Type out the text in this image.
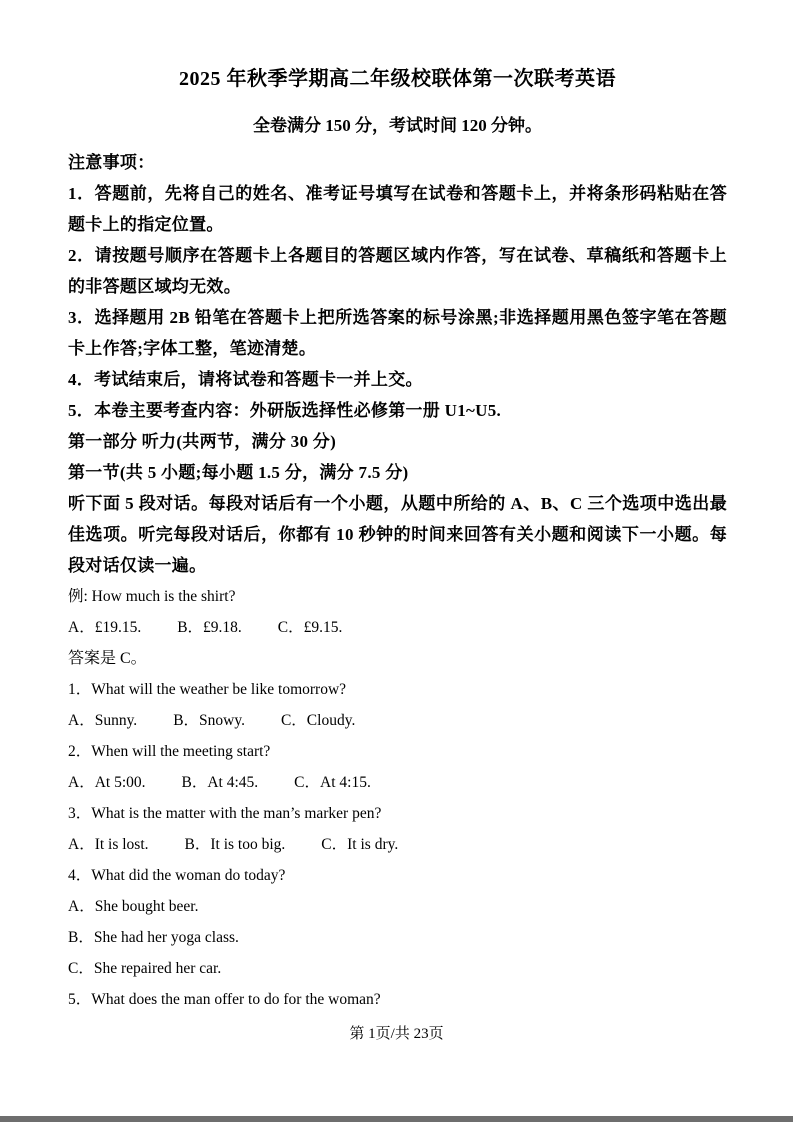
2025 年秋季学期高二年级校联体第一次联考英语
全卷满分 150 分，考试时间 120 分钟。
注意事项：

1．答题前，先将自己的姓名、准考证号填写在试卷和答题卡上，并将条形码粘贴在答题卡上的指定位置。

2．请按题号顺序在答题卡上各题目的答题区域内作答，写在试卷、草稿纸和答题卡上的非答题区域均无效。

3．选择题用 2B 铅笔在答题卡上把所选答案的标号涂黑;非选择题用黑色签字笔在答题卡上作答;字体工整，笔迹清楚。

4．考试结束后，请将试卷和答题卡一并上交。

5．本卷主要考查内容：外研版选择性必修第一册 U1~U5.

第一部分 听力(共两节，满分 30 分)
第一节(共 5 小题;每小题 1.5 分，满分 7.5 分)

听下面 5 段对话。每段对话后有一个小题，从题中所给的 A、B、C 三个选项中选出最佳选项。听完每段对话后，你都有 10 秒钟的时间来回答有关小题和阅读下一小题。每段对话仅读一遍。

例: How much is the shirt?
A．£19.15. B．£9.18. C．£9.15.
答案是 C。
1．What will the weather be like tomorrow?
A．Sunny. B．Snowy. C．Cloudy.
2．When will the meeting start?
A．At 5:00. B．At 4:45. C．At 4:15.
3．What is the matter with the man’s marker pen?
A．It is lost. B．It is too big. C．It is dry.
4．What did the woman do today?
A．She bought beer.
B．She had her yoga class.
C．She repaired her car.
5．What does the man offer to do for the woman?
第 1页/共 23页
